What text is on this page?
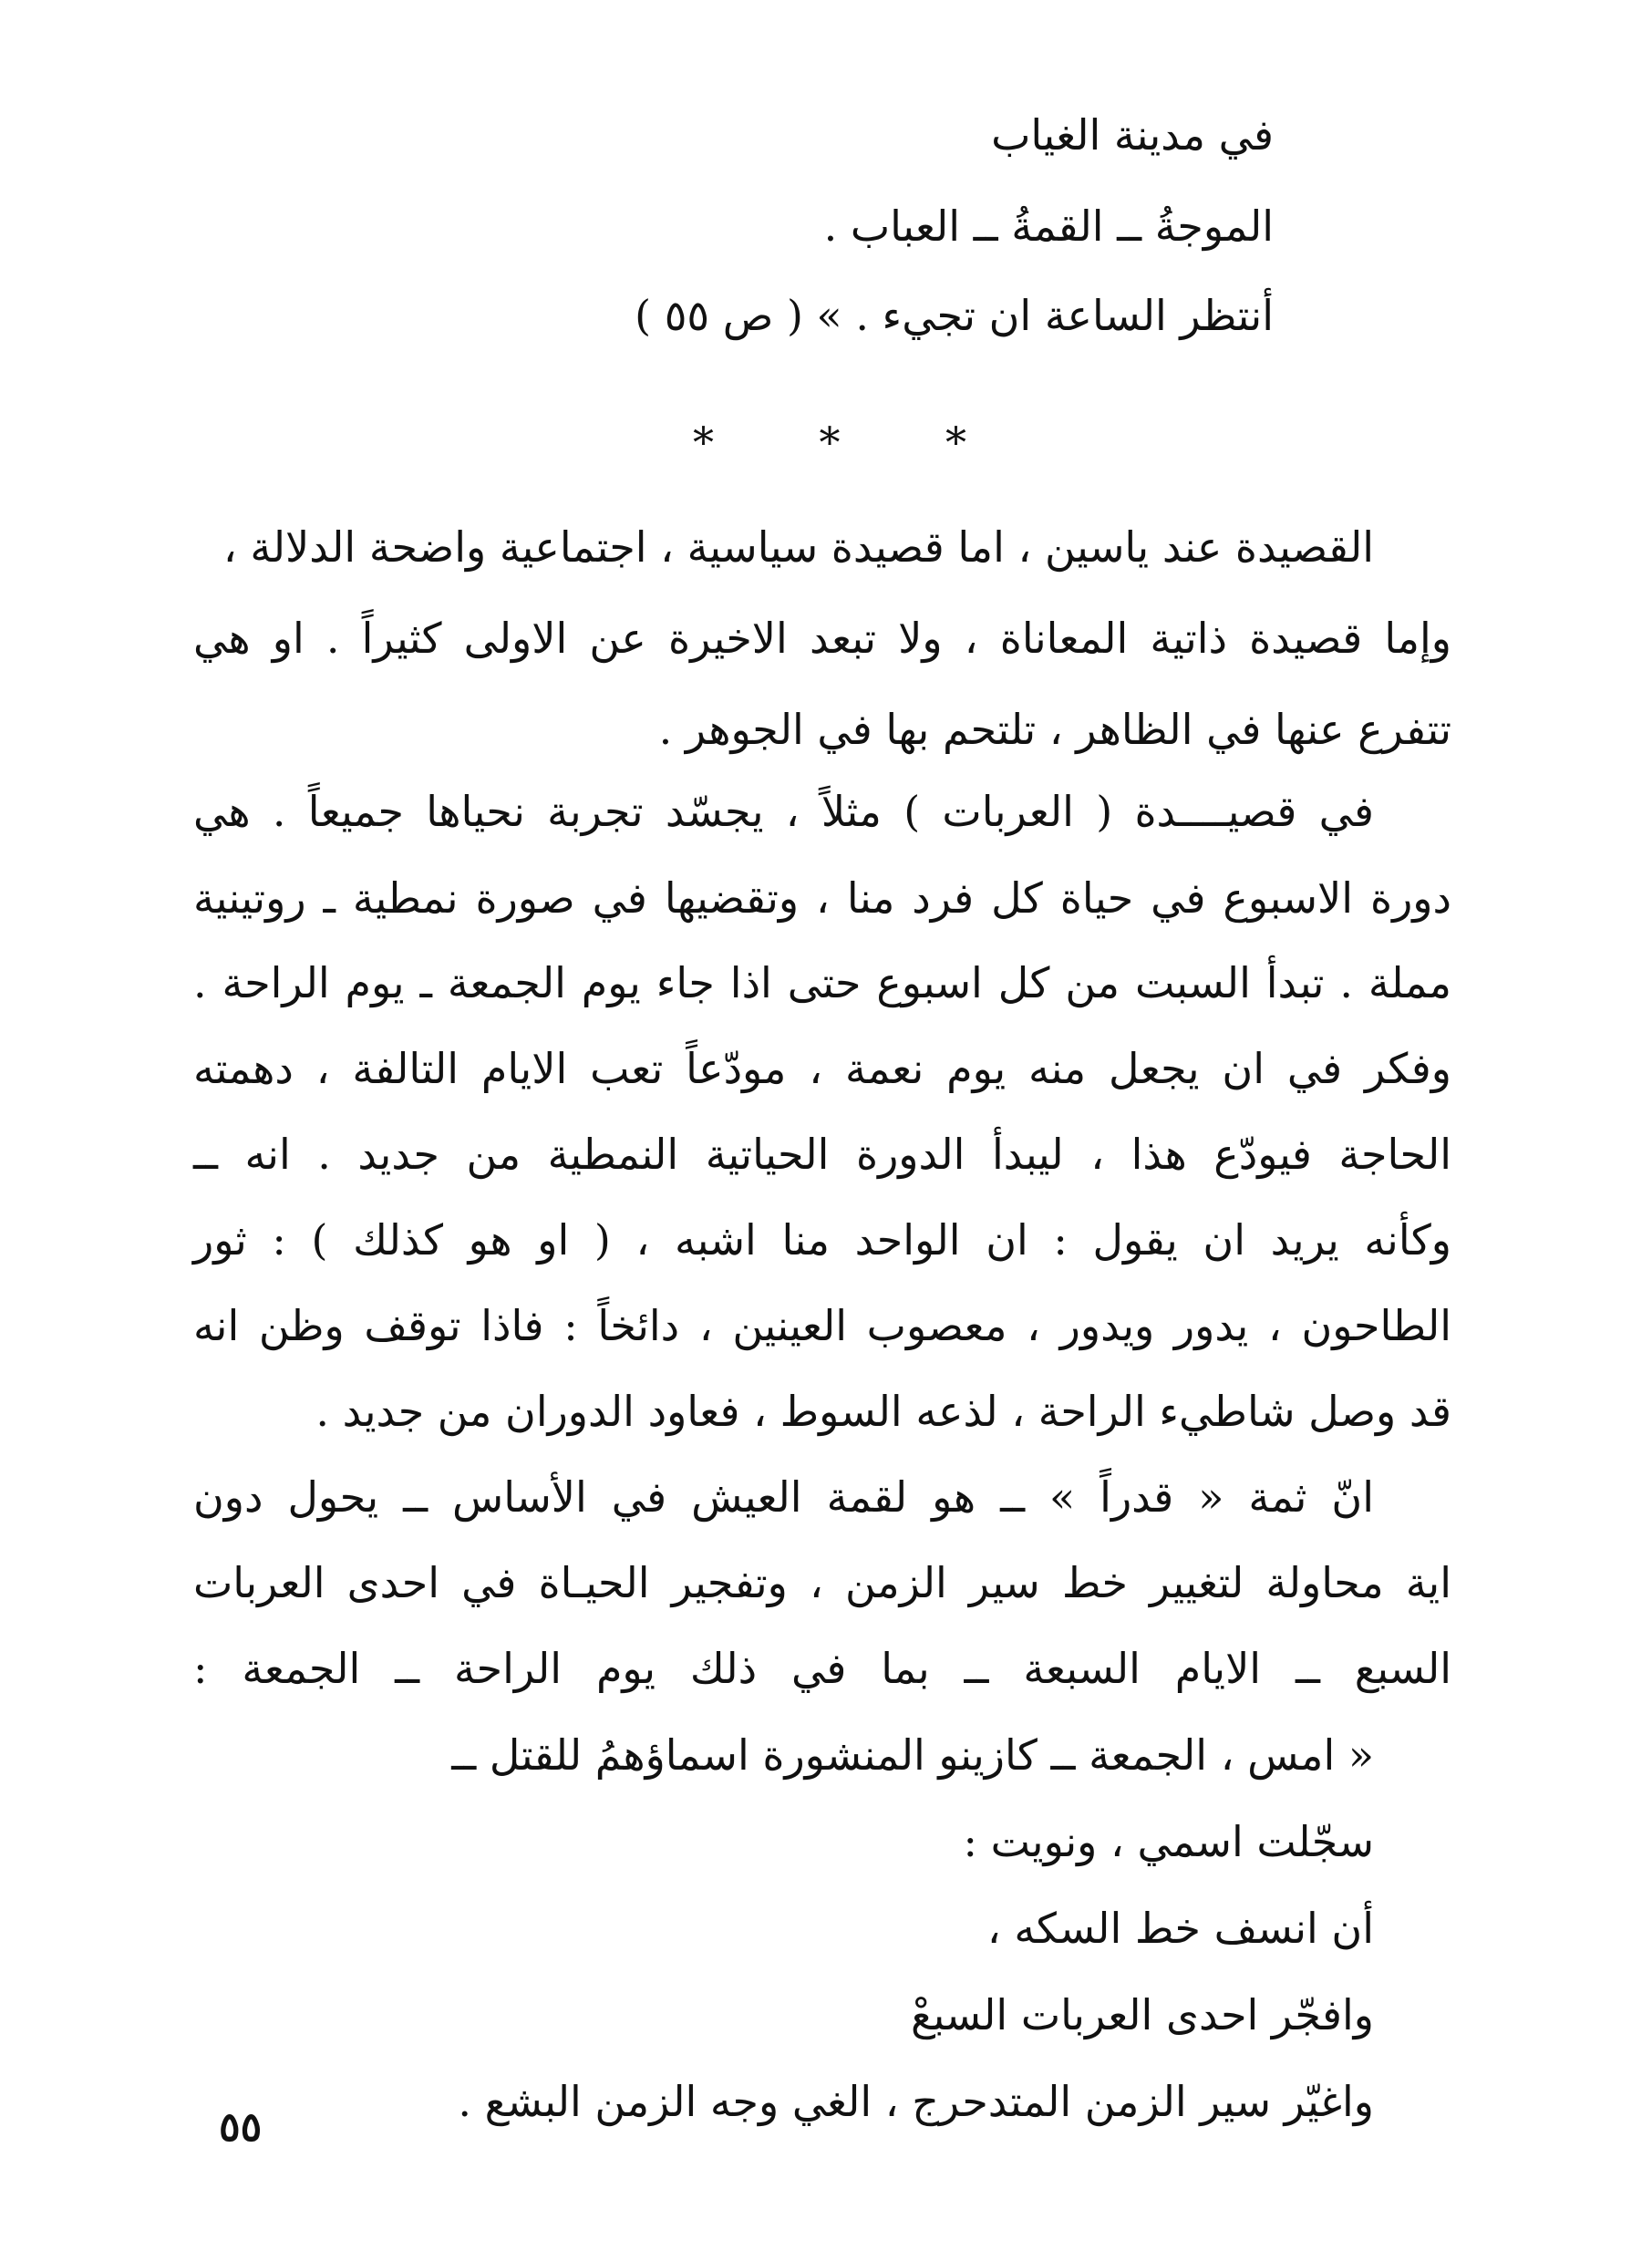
في مدينة الغياب
الموجةُ ــ القمةُ ــ العباب .
أنتظر الساعة ان تجيء . » ( ص ٥٥ )
*	*	*
القصيدة عند ياسين ، اما قصيدة سياسية ، اجتماعية واضحة الدلالة ،
وإما قصيدة ذاتية المعاناة ، ولا تبعد الاخيرة عن الاولى كثيراً . او هي
تتفرع عنها في الظاهر ، تلتحم بها في الجوهر .
في قصيــــدة ( العربات ) مثلاً ، يجسّد تجربة نحياها جميعاً . هي
دورة الاسبوع في حياة كل فرد منا ، وتقضيها في صورة نمطية ـ روتينية
مملة . تبدأ السبت من كل اسبوع حتى اذا جاء يوم الجمعة ـ يوم الراحة .
وفكر في ان يجعل منه يوم نعمة ، مودّعاً تعب الايام التالفة ، دهمته
الحاجة فيودّع هذا ، ليبدأ الدورة الحياتية النمطية من جديد . انه ــ
وكأنه يريد ان يقول : ان الواحد منا اشبه ، ( او هو كذلك ) : ثور
الطاحون ، يدور ويدور ، معصوب العينين ، دائخاً : فاذا توقف وظن انه
قد وصل شاطيء الراحة ، لذعه السوط ، فعاود الدوران من جديد .
انّ ثمة « قدراً » ــ هو لقمة العيش في الأساس ــ يحول دون
اية محاولة لتغيير خط سير الزمن ، وتفجير الحيـاة في احدى العربات
السبع ــ الايام السبعة ــ بما في ذلك يوم الراحة ــ الجمعة :
« امس ، الجمعة ــ كازينو المنشورة اسماؤهمُ للقتل ــ
سجّلت اسمي ، ونويت :
أن انسف خط السكه ،
وافجّر احدى العربات السبعْ
واغيّر سير الزمن المتدحرج ، الغي وجه الزمن البشع .
٥٥
